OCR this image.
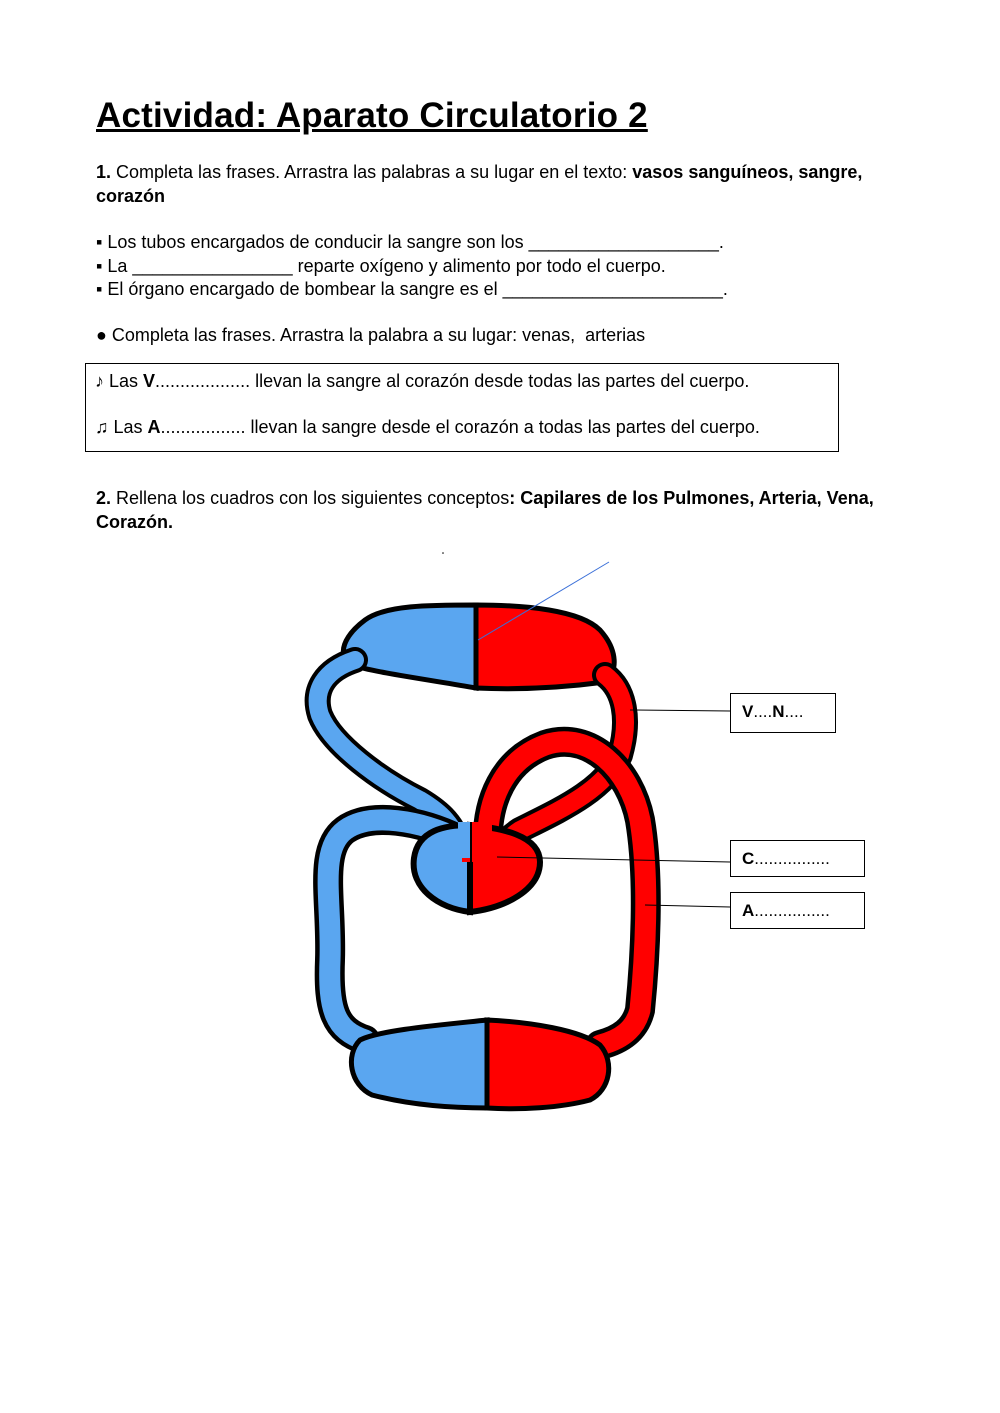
Actividad: Aparato Circulatorio 2

1. Completa las frases. Arrastra las palabras a su lugar en el texto: vasos sanguíneos, sangre, corazón

▪ Los tubos encargados de conducir la sangre son los ___________________.
▪ La ________________ reparte oxígeno y alimento por todo el cuerpo.
▪ El órgano encargado de bombear la sangre es el ______________________.
● Completa las frases. Arrastra la palabra a su lugar: venas,  arterias
♪ Las V................... llevan la sangre al corazón desde todas las partes del cuerpo.
♫ Las A................. llevan la sangre desde el corazón a todas las partes del cuerpo.

2. Rellena los cuadros con los siguientes conceptos: Capilares de los Pulmones, Arteria, Vena, Corazón.

V....N....
C................
A................
